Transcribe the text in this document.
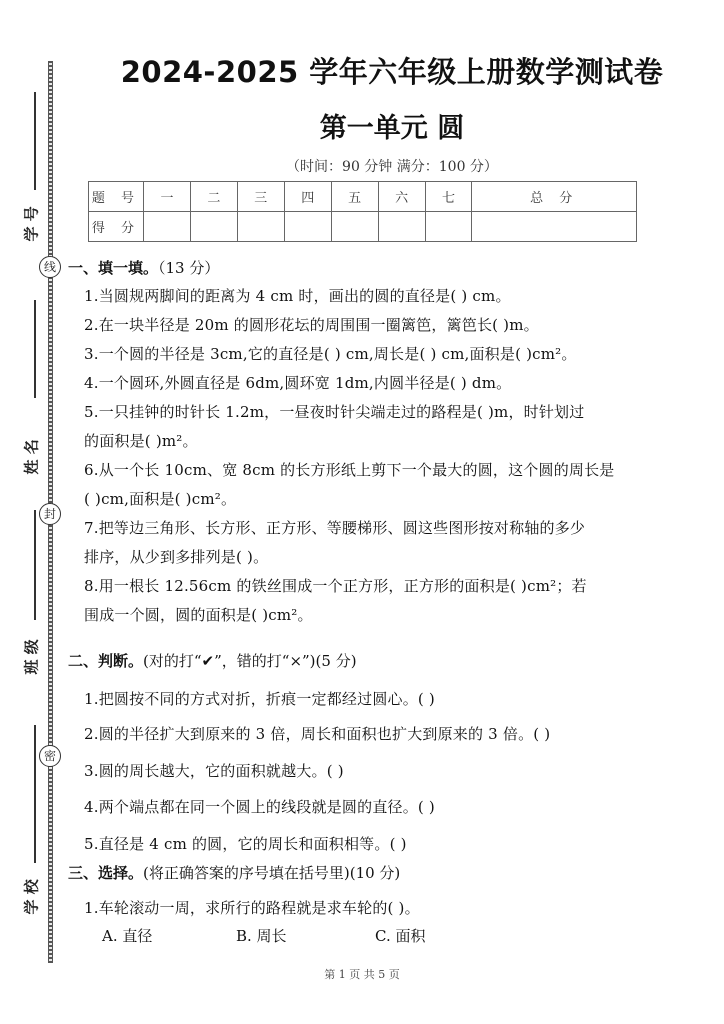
学 号
线
姓 名
封
班 级
密
学 校
2024-2025 学年六年级上册数学测试卷
第一单元 圆
（时间：90 分钟 满分：100 分）
题 号	一	二	三	四	五	六	七	总 分
得 分								
一、填一填。（13 分）
1.当圆规两脚间的距离为 4 cm 时，画出的圆的直径是( ) cm。
2.在一块半径是 20m 的圆形花坛的周围围一圈篱笆，篱笆长( )m。
3.一个圆的半径是 3cm,它的直径是( ) cm,周长是( ) cm,面积是( )cm²。
4.一个圆环,外圆直径是 6dm,圆环宽 1dm,内圆半径是( ) dm。
5.一只挂钟的时针长 1.2m，一昼夜时针尖端走过的路程是( )m，时针划过
的面积是( )m²。
6.从一个长 10cm、宽 8cm 的长方形纸上剪下一个最大的圆，这个圆的周长是
( )cm,面积是( )cm²。
7.把等边三角形、长方形、正方形、等腰梯形、圆这些图形按对称轴的多少
排序，从少到多排列是( )。
8.用一根长 12.56cm 的铁丝围成一个正方形，正方形的面积是( )cm²；若
围成一个圆，圆的面积是( )cm²。
二、判断。(对的打“✔”，错的打“×”)(5 分)
1.把圆按不同的方式对折，折痕一定都经过圆心。( )
2.圆的半径扩大到原来的 3 倍，周长和面积也扩大到原来的 3 倍。( )
3.圆的周长越大，它的面积就越大。( )
4.两个端点都在同一个圆上的线段就是圆的直径。( )
5.直径是 4 cm 的圆，它的周长和面积相等。( )
三、选择。(将正确答案的序号填在括号里)(10 分)
1.车轮滚动一周，求所行的路程就是求车轮的( )。
A. 直径	B. 周长	C. 面积
第 1 页 共 5 页
